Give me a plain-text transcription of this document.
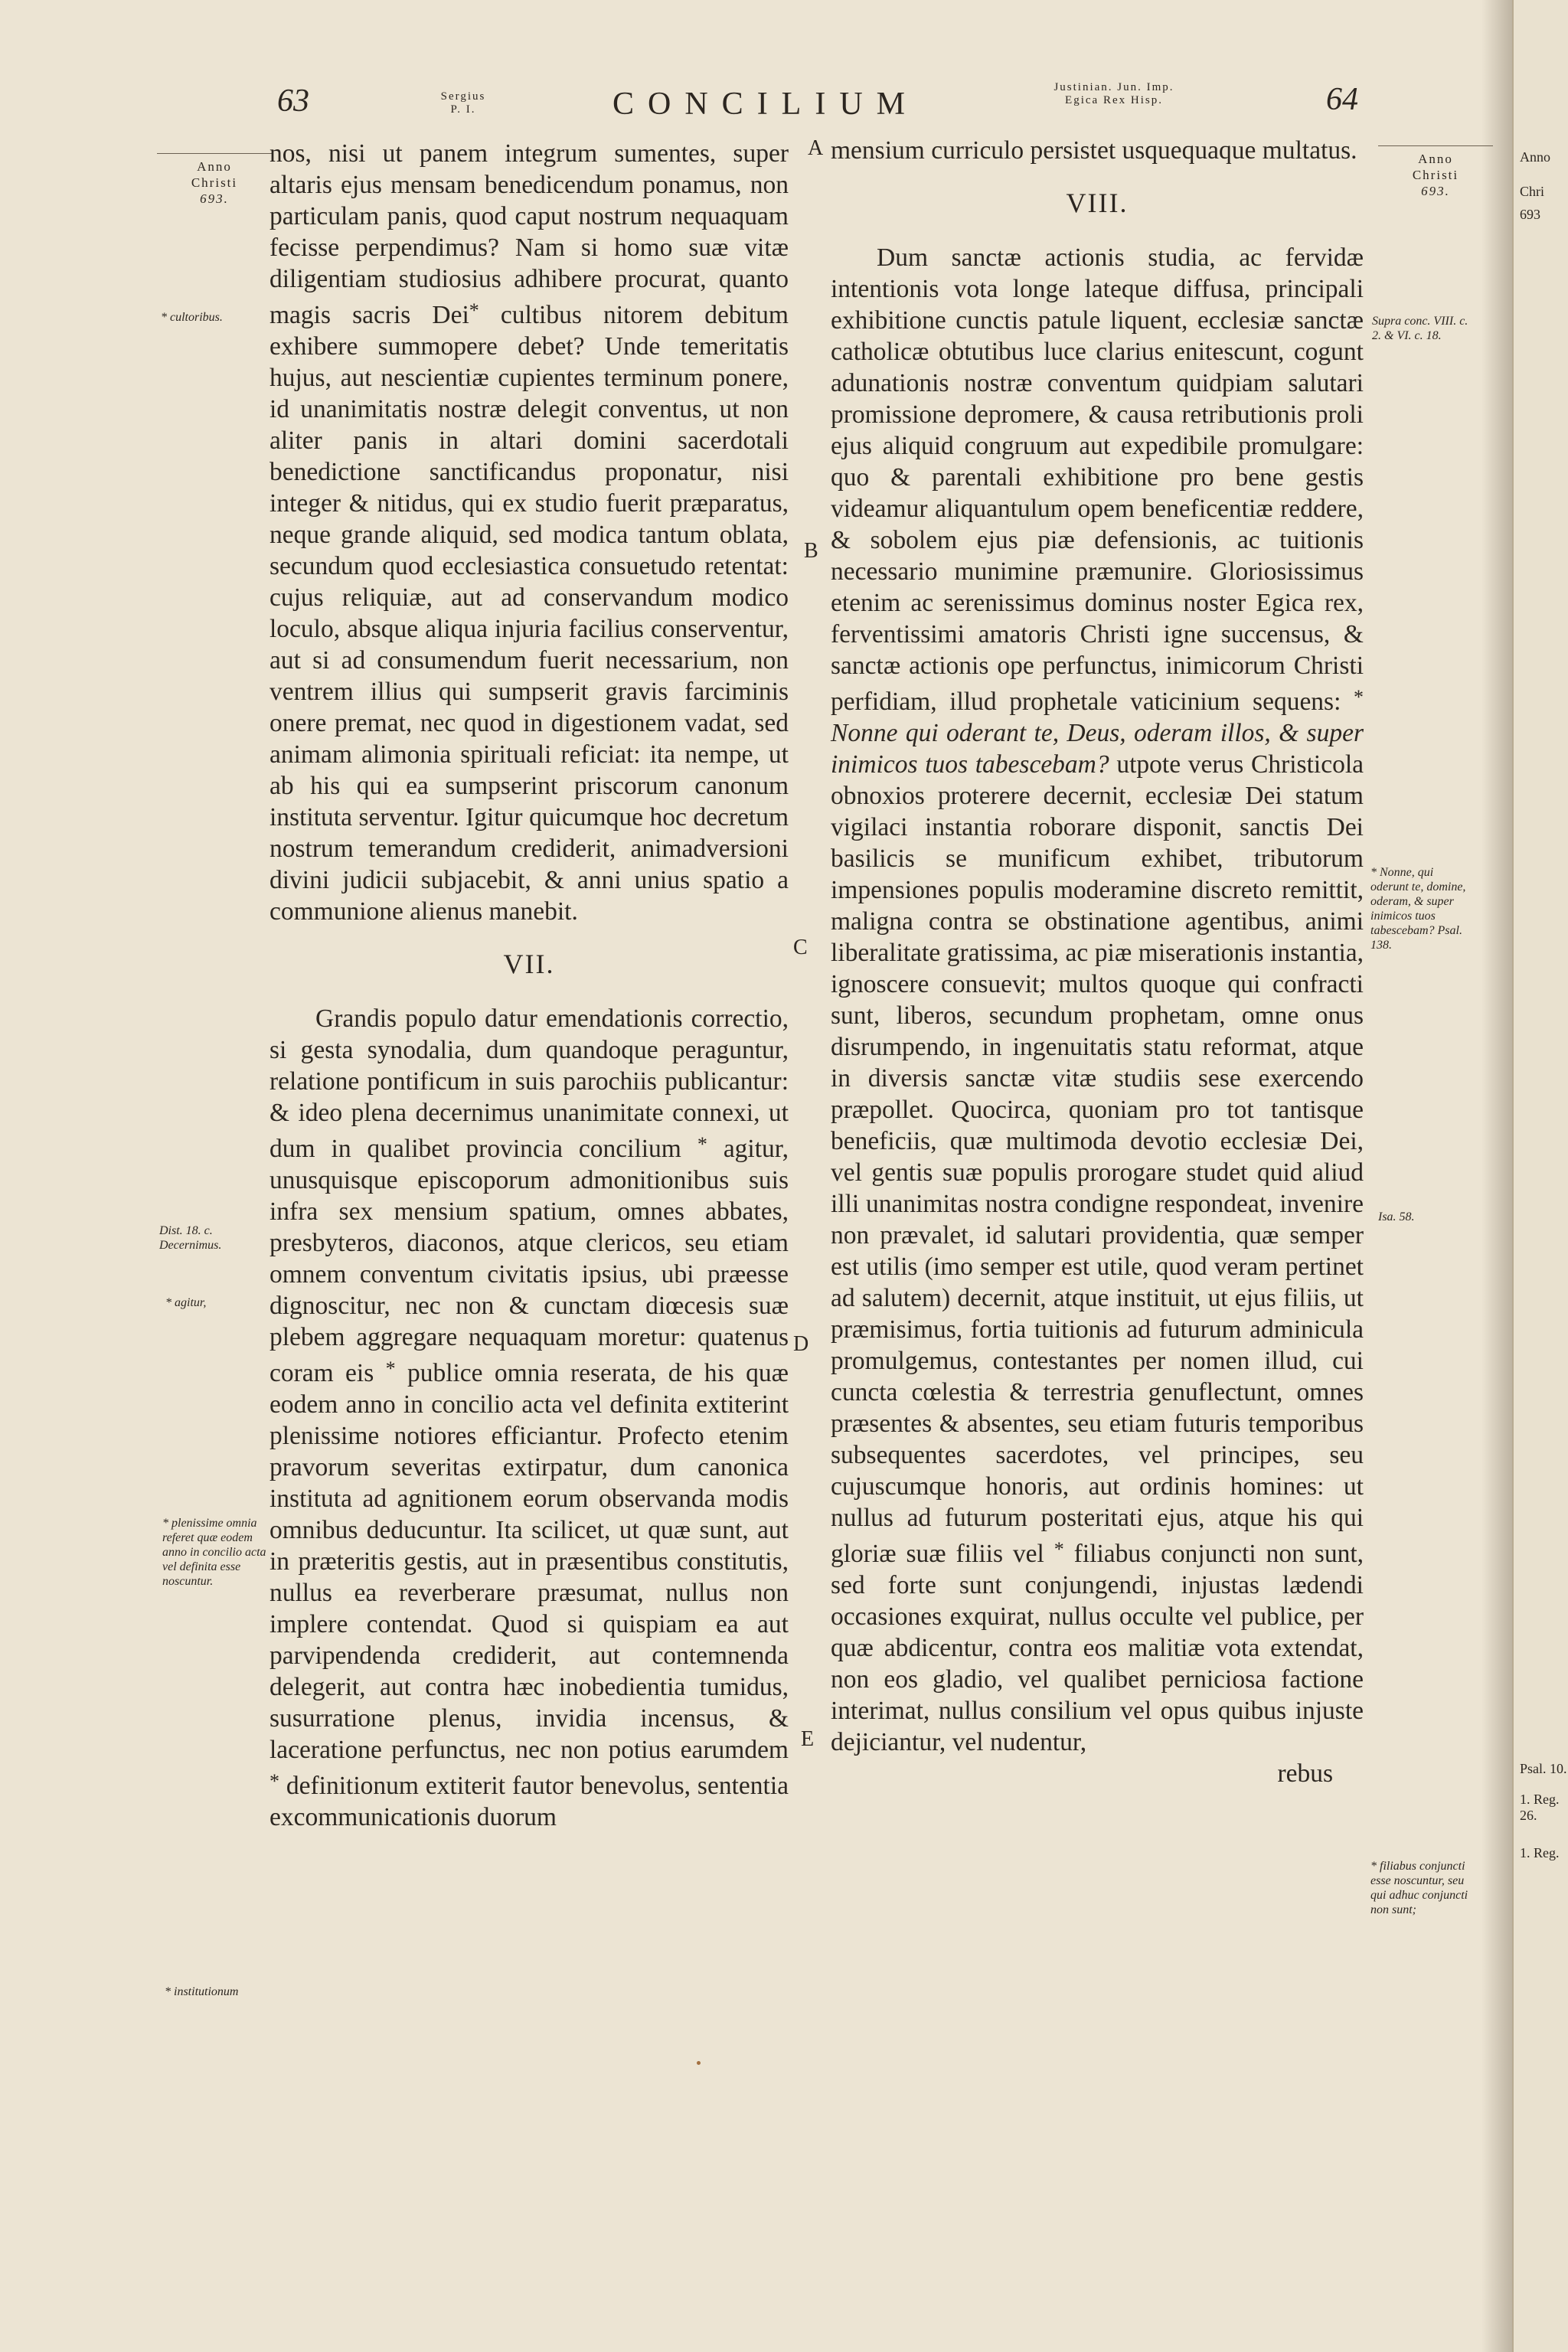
63	Sergius
P. I.	CONCILIUM	Justinian. Jun. Imp.
Egica Rex Hisp.	64
Anno
Christi
693.
Anno
Christi
693.

nos, nisi ut panem integrum sumentes, super altaris ejus mensam benedicendum ponamus, non particulam panis, quod caput nostrum nequaquam fecisse perpendimus? Nam si homo suæ vitæ diligentiam studiosius adhibere procurat, quanto magis sacris Dei* cultibus nitorem debitum exhibere summopere debet? Unde temeritatis hujus, aut nescientiæ cupientes terminum ponere, id unanimitatis nostræ delegit conventus, ut non aliter panis in altari domini sacerdotali benedictione sanctificandus proponatur, nisi integer & nitidus, qui ex studio fuerit præparatus, neque grande aliquid, sed modica tantum oblata, secundum quod ecclesiastica consuetudo retentat: cujus reliquiæ, aut ad conservandum modico loculo, absque aliqua injuria facilius conserventur, aut si ad consumendum fuerit necessarium, non ventrem illius qui sumpserit gravis farciminis onere premat, nec quod in digestionem vadat, sed animam alimonia spirituali reficiat: ita nempe, ut ab his qui ea sumpserint priscorum canonum instituta serventur. Igitur quicumque hoc decretum nostrum temerandum crediderit, animadversioni divini judicii subjacebit, & anni unius spatio a communione alienus manebit.

VII.

Grandis populo datur emendationis correctio, si gesta synodalia, dum quandoque peraguntur, relatione pontificum in suis parochiis publicantur: & ideo plena decernimus unanimitate connexi, ut dum in qualibet provincia concilium * agitur, unusquisque episcoporum admonitionibus suis infra sex mensium spatium, omnes abbates, presbyteros, diaconos, atque clericos, seu etiam omnem conventum civitatis ipsius, ubi præesse dignoscitur, nec non & cunctam diœcesis suæ plebem aggregare nequaquam moretur: quatenus coram eis * publice omnia reserata, de his quæ eodem anno in concilio acta vel definita extiterint plenissime notiores efficiantur. Profecto etenim pravorum severitas extirpatur, dum canonica instituta ad agnitionem eorum observanda modis omnibus deducuntur. Ita scilicet, ut quæ sunt, aut in præteritis gestis, aut in præsentibus constitutis, nullus ea reverberare præsumat, nullus non implere contendat. Quod si quispiam ea aut parvipendenda crediderit, aut contemnenda delegerit, aut contra hæc inobedientia tumidus, susurratione plenus, invidia incensus, & laceratione perfunctus, nec non potius earumdem * definitionum extiterit fautor benevolus, sententia excommunicationis duorum

mensium curriculo persistet usquequaque multatus.

VIII.

Dum sanctæ actionis studia, ac fervidæ intentionis vota longe lateque diffusa, principali exhibitione cunctis patule liquent, ecclesiæ sanctæ catholicæ obtutibus luce clarius enitescunt, cogunt adunationis nostræ conventum quidpiam salutari promissione depromere, & causa retributionis proli ejus aliquid congruum aut expedibile promulgare: quo & parentali exhibitione pro bene gestis videamur aliquantulum opem beneficentiæ reddere, & sobolem ejus piæ defensionis, ac tuitionis necessario munimine præmunire. Gloriosissimus etenim ac serenissimus dominus noster Egica rex, ferventissimi amatoris Christi igne succensus, & sanctæ actionis ope perfunctus, inimicorum Christi perfidiam, illud prophetale vaticinium sequens: * Nonne qui oderant te, Deus, oderam illos, & super inimicos tuos tabescebam? utpote verus Christicola obnoxios proterere decernit, ecclesiæ Dei statum vigilaci instantia roborare disponit, sanctis Dei basilicis se munificum exhibet, tributorum impensiones populis moderamine discreto remittit, maligna contra se obstinatione agentibus, animi liberalitate gratissima, ac piæ miserationis instantia, ignoscere consuevit; multos quoque qui confracti sunt, liberos, secundum prophetam, omne onus disrumpendo, in ingenuitatis statu reformat, atque in diversis sanctæ vitæ studiis sese exercendo præpollet. Quocirca, quoniam pro tot tantisque beneficiis, quæ multimoda devotio ecclesiæ Dei, vel gentis suæ populis prorogare studet quid aliud illi unanimitas nostra condigne respondeat, invenire non prævalet, id salutari providentia, quæ semper est utilis (imo semper est utile, quod veram pertinet ad salutem) decernit, atque instituit, ut ejus filiis, ut præmisimus, fortia tuitionis ad futurum adminicula promulgemus, contestantes per nomen illud, cui cuncta cœlestia & terrestria genuflectunt, omnes præsentes & absentes, seu etiam futuris temporibus subsequentes sacerdotes, vel principes, seu cujuscumque honoris, aut ordinis homines: ut nullus ad futurum posteritati ejus, atque his qui gloriæ suæ filiis vel * filiabus conjuncti non sunt, sed forte sunt conjungendi, injustas lædendi occasiones exquirat, nullus occulte vel publice, per quæ abdicentur, contra eos malitiæ vota extendat, non eos gladio, vel qualibet perniciosa factione interimat, nullus consilium vel opus quibus injuste dejiciantur, vel nudentur,

rebus
* cultoribus.
Dist. 18. c. Decernimus.
* agitur,
* plenissime omnia referet quæ eodem anno in concilio acta vel definita esse noscuntur.
* institutionum
Supra conc. VIII. c. 2. & VI. c. 18.
* Nonne, qui oderunt te, domine, oderam, & super inimicos tuos tabescebam? Psal. 138.
Isa. 58.
* filiabus conjuncti esse noscuntur, seu qui adhuc conjuncti non sunt;
A
B
C
D
E
Anno
Chri
693
Psal. 10.
1. Reg. 26.
1. Reg.
